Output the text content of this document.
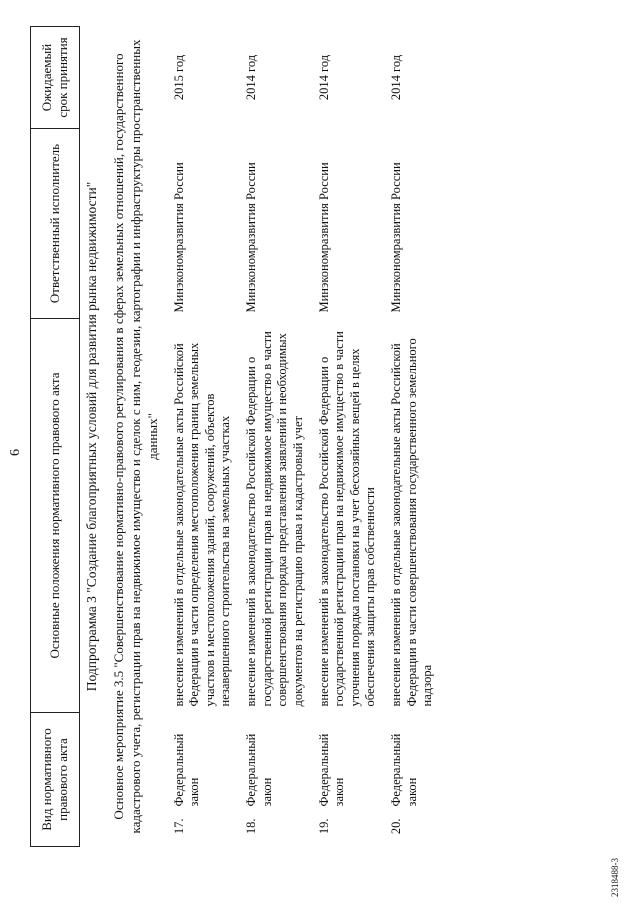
6
Вид нормативного правового акта		Основные положения нормативного правового акта	Ответственный исполнитель	Ожидаемый срок принятия
Подпрограмма 3 "Создание благоприятных условий для развития рынка недвижимости"				
Основное мероприятие 3.5 "Совершенствование нормативно-правового регулирования в сферах земельных отношений, государственного кадастрового учета, регистрации прав на недвижимое имущество и сделок с ним, геодезии, картографии и инфраструктуры пространственных данных"				
17.	Федеральный закон	внесение изменений в отдельные законодательные акты Российской Федерации в части определения местоположения границ земельных участков и местоположения зданий, сооружений, объектов незавершенного строительства на земельных участках	Минэкономразвития России	2015 год
18.	Федеральный закон	внесение изменений в законодательство Российской Федерации о государственной регистрации прав на недвижимое имущество в части совершенствования порядка представления заявлений и необходимых документов на регистрацию права и кадастровый учет	Минэкономразвития России	2014 год
19.	Федеральный закон	внесение изменений в законодательство Российской Федерации о государственной регистрации прав на недвижимое имущество в части уточнения порядка постановки на учет бесхозяйных вещей в целях обеспечения защиты прав собственности	Минэкономразвития России	2014 год
20.	Федеральный закон	внесение изменений в отдельные законодательные акты Российской Федерации в части совершенствования государственного земельного надзора	Минэкономразвития России	2014 год
2318488-3
